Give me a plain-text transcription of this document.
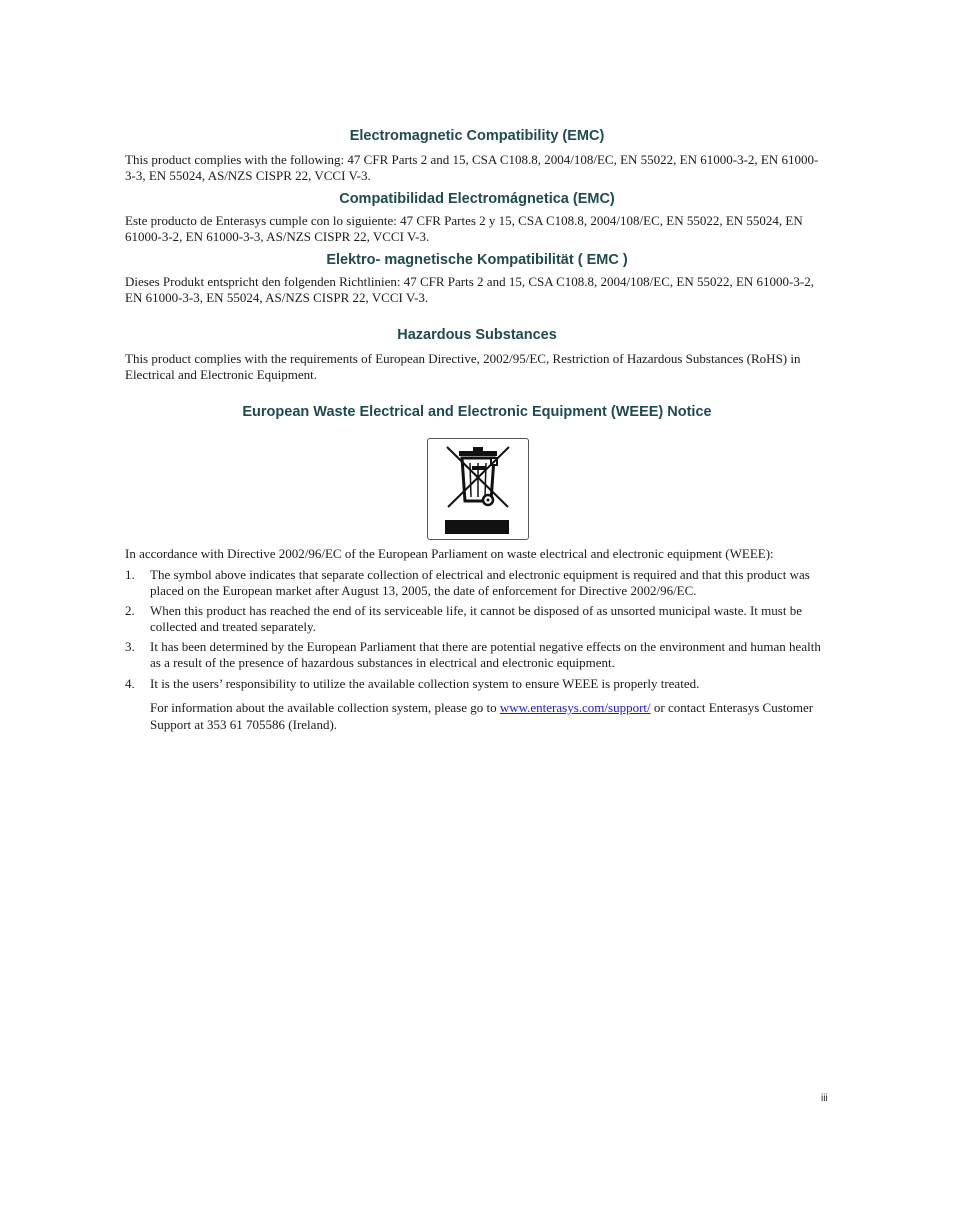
Electromagnetic Compatibility (EMC)

This product complies with the following: 47 CFR Parts 2 and 15, CSA C108.8, 2004/108/EC, EN 55022, EN 61000-3-2, EN 61000-3-3, EN 55024, AS/NZS CISPR 22, VCCI V-3.

Compatibilidad Electromágnetica (EMC)

Este producto de Enterasys cumple con lo siguiente: 47 CFR Partes 2 y 15, CSA C108.8, 2004/108/EC, EN 55022, EN 55024, EN 61000-3-2, EN 61000-3-3, AS/NZS CISPR 22, VCCI V-3.

Elektro- magnetische Kompatibilität ( EMC )

Dieses Produkt entspricht den folgenden Richtlinien: 47 CFR Parts 2 and 15, CSA C108.8, 2004/108/EC, EN 55022, EN 61000-3-2, EN 61000-3-3, EN 55024, AS/NZS CISPR 22, VCCI V-3.

Hazardous Substances

This product complies with the requirements of European Directive, 2002/95/EC, Restriction of Hazardous Substances (RoHS) in Electrical and Electronic Equipment.

European Waste Electrical and Electronic Equipment (WEEE) Notice

In accordance with Directive 2002/96/EC of the European Parliament on waste electrical and electronic equipment (WEEE):

1.	The symbol above indicates that separate collection of electrical and electronic equipment is required and that this product was placed on the European market after August 13, 2005, the date of enforcement for Directive 2002/96/EC.
2.	When this product has reached the end of its serviceable life, it cannot be disposed of as unsorted municipal waste. It must be collected and treated separately.
3.	It has been determined by the European Parliament that there are potential negative effects on the environment and human health as a result of the presence of hazardous substances in electrical and electronic equipment.
4.	It is the users’ responsibility to utilize the available collection system to ensure WEEE is properly treated.

For information about the available collection system, please go to www.enterasys.com/support/ or contact Enterasys Customer Support at 353 61 705586 (Ireland).

iii
